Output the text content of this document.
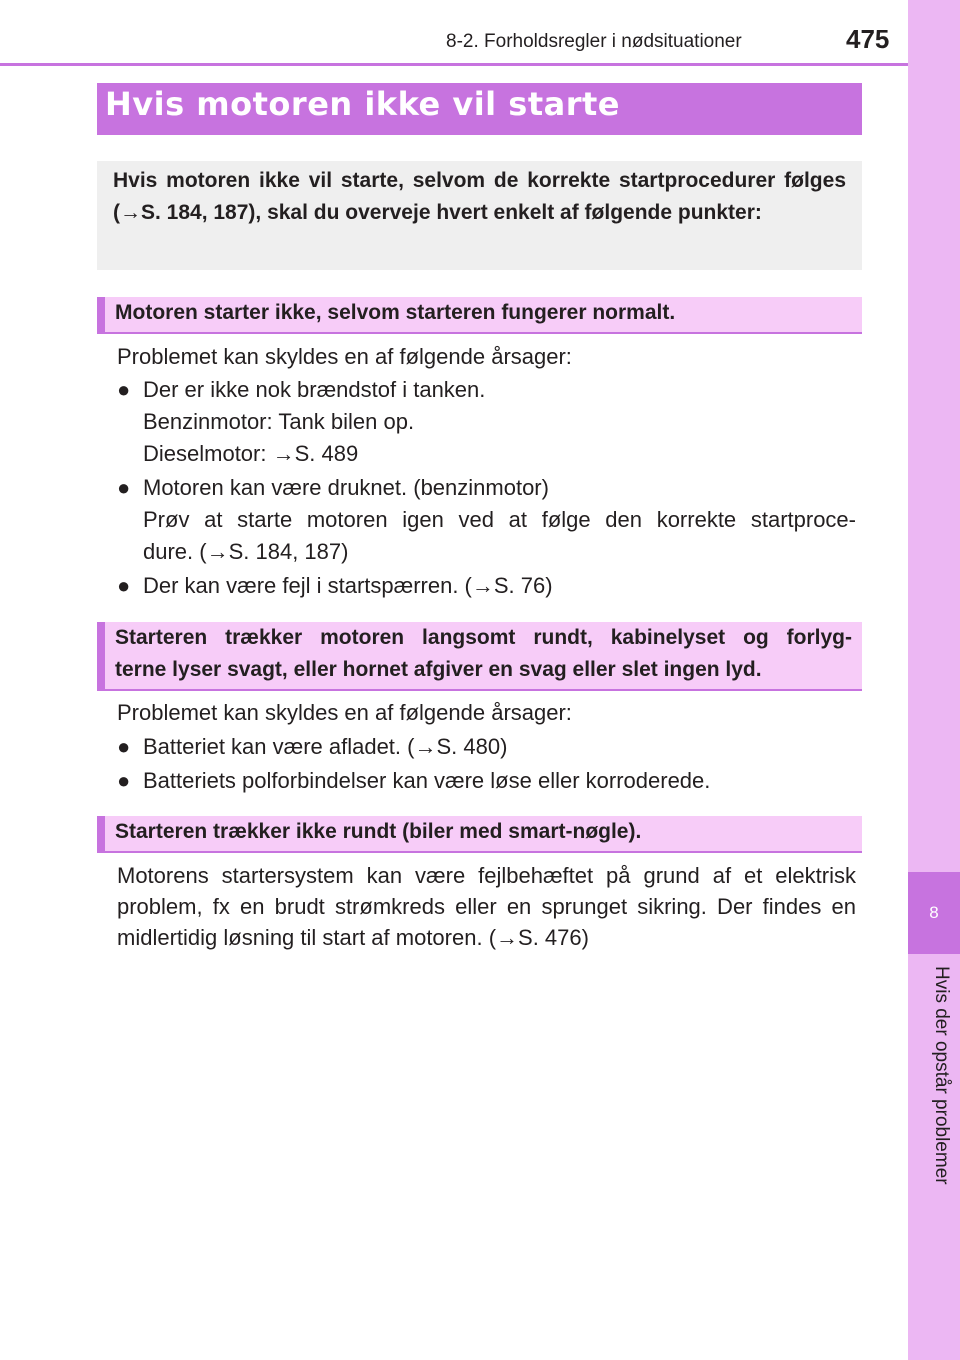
8-2. Forholdsregler i nødsituationer	475
8
Hvis der opstår problemer
Hvis motoren ikke vil starte
Hvis motoren ikke vil starte, selvom de korrekte startprocedurer følges (→S. 184, 187), skal du overveje hvert enkelt af følgende punkter:
Motoren starter ikke, selvom starteren fungerer normalt.
Problemet kan skyldes en af følgende årsager:
● Der er ikke nok brændstof i tanken.
Benzinmotor: Tank bilen op.
Dieselmotor: →S. 489
● Motoren kan være druknet. (benzinmotor)
Prøv at starte motoren igen ved at følge den korrekte startproce-
dure. (→S. 184, 187)
● Der kan være fejl i startspærren. (→S. 76)
Starteren trækker motoren langsomt rundt, kabinelyset og forlyg-
terne lyser svagt, eller hornet afgiver en svag eller slet ingen lyd.
Problemet kan skyldes en af følgende årsager:
● Batteriet kan være afladet. (→S. 480)
● Batteriets polforbindelser kan være løse eller korroderede.
Starteren trækker ikke rundt (biler med smart-nøgle).
Motorens startersystem kan være fejlbehæftet på grund af et elektrisk problem, fx en brudt strømkreds eller en sprunget sikring. Der findes en midlertidig løsning til start af motoren. (→S. 476)
